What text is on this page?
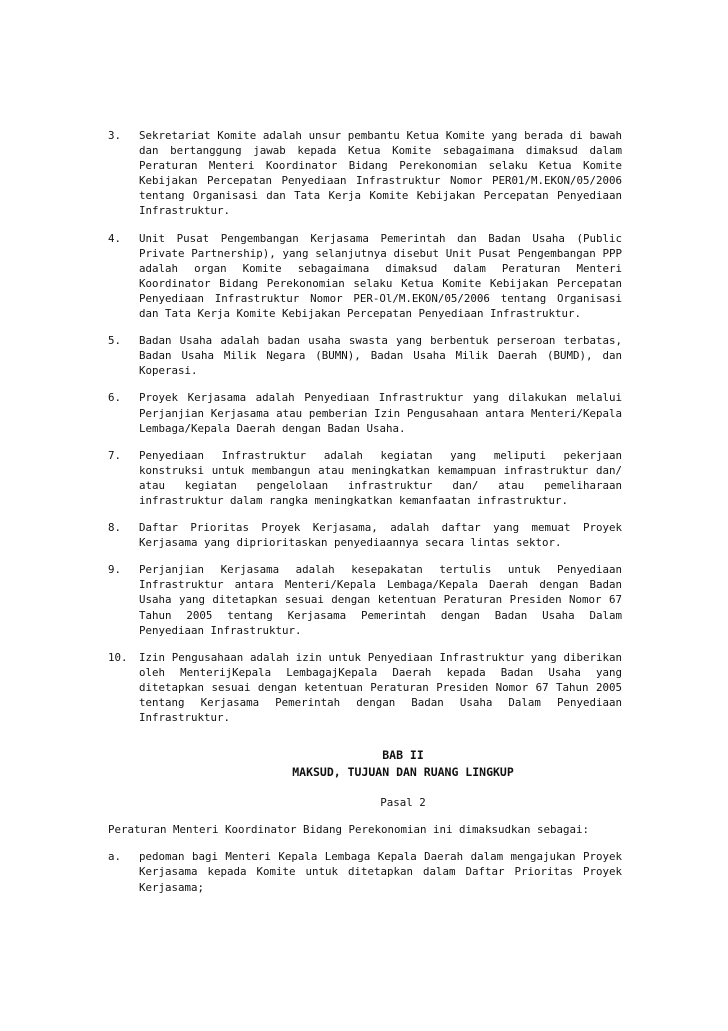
3. Sekretariat Komite adalah unsur pembantu Ketua Komite yang berada di bawah dan bertanggung jawab kepada Ketua Komite sebagaimana dimaksud dalam Peraturan Menteri Koordinator Bidang Perekonomian selaku Ketua Komite Kebijakan Percepatan Penyediaan Infrastruktur Nomor PER01/M.EKON/05/2006 tentang Organisasi dan Tata Kerja Komite Kebijakan Percepatan Penyediaan Infrastruktur.
4. Unit Pusat Pengembangan Kerjasama Pemerintah dan Badan Usaha (Public Private Partnership), yang selanjutnya disebut Unit Pusat Pengembangan PPP adalah organ Komite sebagaimana dimaksud dalam Peraturan Menteri Koordinator Bidang Perekonomian selaku Ketua Komite Kebijakan Percepatan Penyediaan Infrastruktur Nomor PER-Ol/M.EKON/05/2006 tentang Organisasi dan Tata Kerja Komite Kebijakan Percepatan Penyediaan Infrastruktur.
5. Badan Usaha adalah badan usaha swasta yang berbentuk perseroan terbatas, Badan Usaha Milik Negara (BUMN), Badan Usaha Milik Daerah (BUMD), dan Koperasi.
6. Proyek Kerjasama adalah Penyediaan Infrastruktur yang dilakukan melalui Perjanjian Kerjasama atau pemberian Izin Pengusahaan antara Menteri/Kepala Lembaga/Kepala Daerah dengan Badan Usaha.
7. Penyediaan Infrastruktur adalah kegiatan yang meliputi pekerjaan konstruksi untuk membangun atau meningkatkan kemampuan infrastruktur dan/ atau kegiatan pengelolaan infrastruktur dan/ atau pemeliharaan infrastruktur dalam rangka meningkatkan kemanfaatan infrastruktur.
8. Daftar Prioritas Proyek Kerjasama, adalah daftar yang memuat Proyek Kerjasama yang diprioritaskan penyediaannya secara lintas sektor.
9. Perjanjian Kerjasama adalah kesepakatan tertulis untuk Penyediaan Infrastruktur antara Menteri/Kepala Lembaga/Kepala Daerah dengan Badan Usaha yang ditetapkan sesuai dengan ketentuan Peraturan Presiden Nomor 67 Tahun 2005 tentang Kerjasama Pemerintah dengan Badan Usaha Dalam Penyediaan Infrastruktur.
10. Izin Pengusahaan adalah izin untuk Penyediaan Infrastruktur yang diberikan oleh MenterijKepala LembagajKepala Daerah kepada Badan Usaha yang ditetapkan sesuai dengan ketentuan Peraturan Presiden Nomor 67 Tahun 2005 tentang Kerjasama Pemerintah dengan Badan Usaha Dalam Penyediaan Infrastruktur.
BAB II
MAKSUD, TUJUAN DAN RUANG LINGKUP
Pasal 2
Peraturan Menteri Koordinator Bidang Perekonomian ini dimaksudkan sebagai:
a. pedoman bagi Menteri Kepala Lembaga Kepala Daerah dalam mengajukan Proyek Kerjasama kepada Komite untuk ditetapkan dalam Daftar Prioritas Proyek Kerjasama;
